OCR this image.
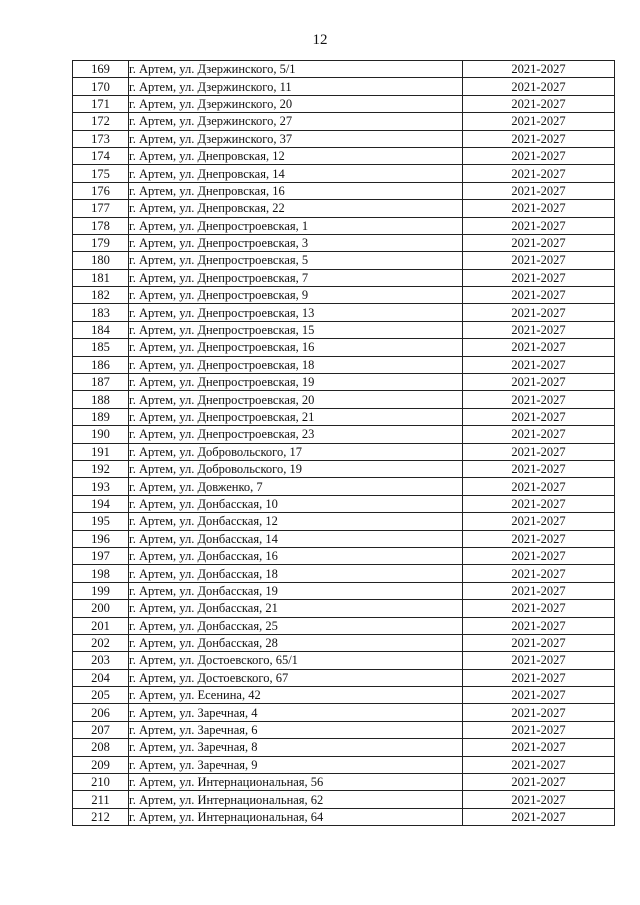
12
169	г. Артем, ул. Дзержинского, 5/1	2021-2027
170	г. Артем, ул. Дзержинского, 11	2021-2027
171	г. Артем, ул. Дзержинского, 20	2021-2027
172	г. Артем, ул. Дзержинского, 27	2021-2027
173	г. Артем, ул. Дзержинского, 37	2021-2027
174	г. Артем, ул. Днепровская, 12	2021-2027
175	г. Артем, ул. Днепровская, 14	2021-2027
176	г. Артем, ул. Днепровская, 16	2021-2027
177	г. Артем, ул. Днепровская, 22	2021-2027
178	г. Артем, ул. Днепростроевская, 1	2021-2027
179	г. Артем, ул. Днепростроевская, 3	2021-2027
180	г. Артем, ул. Днепростроевская, 5	2021-2027
181	г. Артем, ул. Днепростроевская, 7	2021-2027
182	г. Артем, ул. Днепростроевская, 9	2021-2027
183	г. Артем, ул. Днепростроевская, 13	2021-2027
184	г. Артем, ул. Днепростроевская, 15	2021-2027
185	г. Артем, ул. Днепростроевская, 16	2021-2027
186	г. Артем, ул. Днепростроевская, 18	2021-2027
187	г. Артем, ул. Днепростроевская, 19	2021-2027
188	г. Артем, ул. Днепростроевская, 20	2021-2027
189	г. Артем, ул. Днепростроевская, 21	2021-2027
190	г. Артем, ул. Днепростроевская, 23	2021-2027
191	г. Артем, ул. Добровольского, 17	2021-2027
192	г. Артем, ул. Добровольского, 19	2021-2027
193	г. Артем, ул. Довженко, 7	2021-2027
194	г. Артем, ул. Донбасская, 10	2021-2027
195	г. Артем, ул. Донбасская, 12	2021-2027
196	г. Артем, ул. Донбасская, 14	2021-2027
197	г. Артем, ул. Донбасская, 16	2021-2027
198	г. Артем, ул. Донбасская, 18	2021-2027
199	г. Артем, ул. Донбасская, 19	2021-2027
200	г. Артем, ул. Донбасская, 21	2021-2027
201	г. Артем, ул. Донбасская, 25	2021-2027
202	г. Артем, ул. Донбасская, 28	2021-2027
203	г. Артем, ул. Достоевского, 65/1	2021-2027
204	г. Артем, ул. Достоевского, 67	2021-2027
205	г. Артем, ул. Есенина, 42	2021-2027
206	г. Артем, ул. Заречная, 4	2021-2027
207	г. Артем, ул. Заречная, 6	2021-2027
208	г. Артем, ул. Заречная, 8	2021-2027
209	г. Артем, ул. Заречная, 9	2021-2027
210	г. Артем, ул. Интернациональная, 56	2021-2027
211	г. Артем, ул. Интернациональная, 62	2021-2027
212	г. Артем, ул. Интернациональная, 64	2021-2027
